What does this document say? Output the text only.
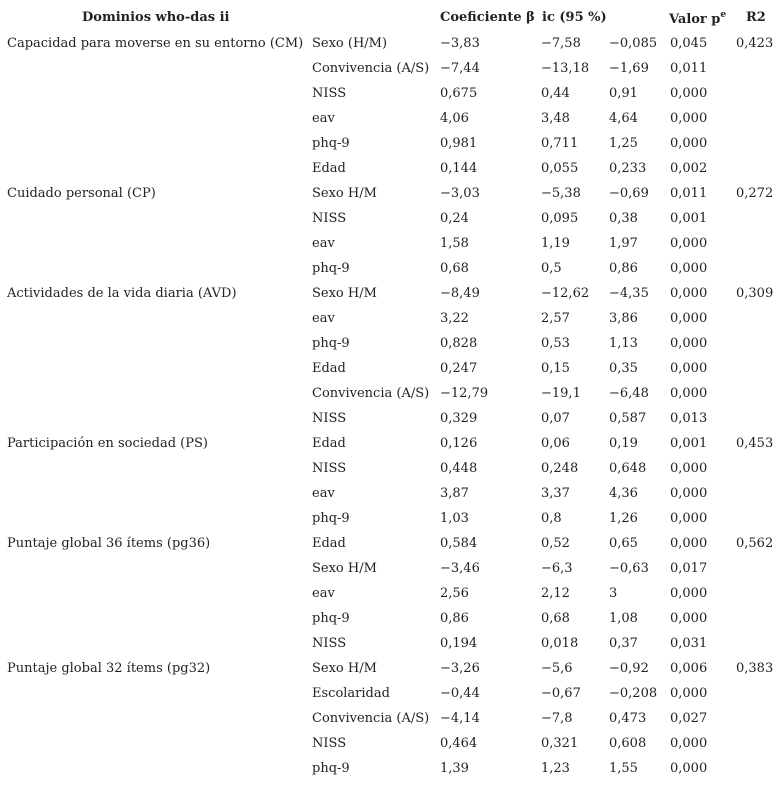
Dominios who-das ii	Coeficiente β ic (95 %)	Valor $p^e$ R2
Capacidad para moverse en su entorno (CM)	Sexo (H/M)	−3,83	−7,58	−0,085	0,045	0,423
	Convivencia (A/S)	−7,44	−13,18	−1,69	0,011	
	NISS	0,675	0,44	0,91	0,000	
	eav	4,06	3,48	4,64	0,000	
	phq-9	0,981	0,711	1,25	0,000	
	Edad	0,144	0,055	0,233	0,002	
Cuidado personal (CP)	Sexo H/M	−3,03	−5,38	−0,69	0,011	0,272
	NISS	0,24	0,095	0,38	0,001	
	eav	1,58	1,19	1,97	0,000	
	phq-9	0,68	0,5	0,86	0,000	
Actividades de la vida diaria (AVD)	Sexo H/M	−8,49	−12,62	−4,35	0,000	0,309
	eav	3,22	2,57	3,86	0,000	
	phq-9	0,828	0,53	1,13	0,000	
	Edad	0,247	0,15	0,35	0,000	
	Convivencia (A/S)	−12,79	−19,1	−6,48	0,000	
	NISS	0,329	0,07	0,587	0,013	
Participación en sociedad (PS)	Edad	0,126	0,06	0,19	0,001	0,453
	NISS	0,448	0,248	0,648	0,000	
	eav	3,87	3,37	4,36	0,000	
	phq-9	1,03	0,8	1,26	0,000	
Puntaje global 36 ítems (pg36)	Edad	0,584	0,52	0,65	0,000	0,562
	Sexo H/M	−3,46	−6,3	−0,63	0,017	
	eav	2,56	2,12	3	0,000	
	phq-9	0,86	0,68	1,08	0,000	
	NISS	0,194	0,018	0,37	0,031	
Puntaje global 32 ítems (pg32)	Sexo H/M	−3,26	−5,6	−0,92	0,006	0,383
	Escolaridad	−0,44	−0,67	−0,208	0,000	
	Convivencia (A/S)	−4,14	−7,8	0,473	0,027	
	NISS	0,464	0,321	0,608	0,000	
	phq-9	1,39	1,23	1,55	0,000	
